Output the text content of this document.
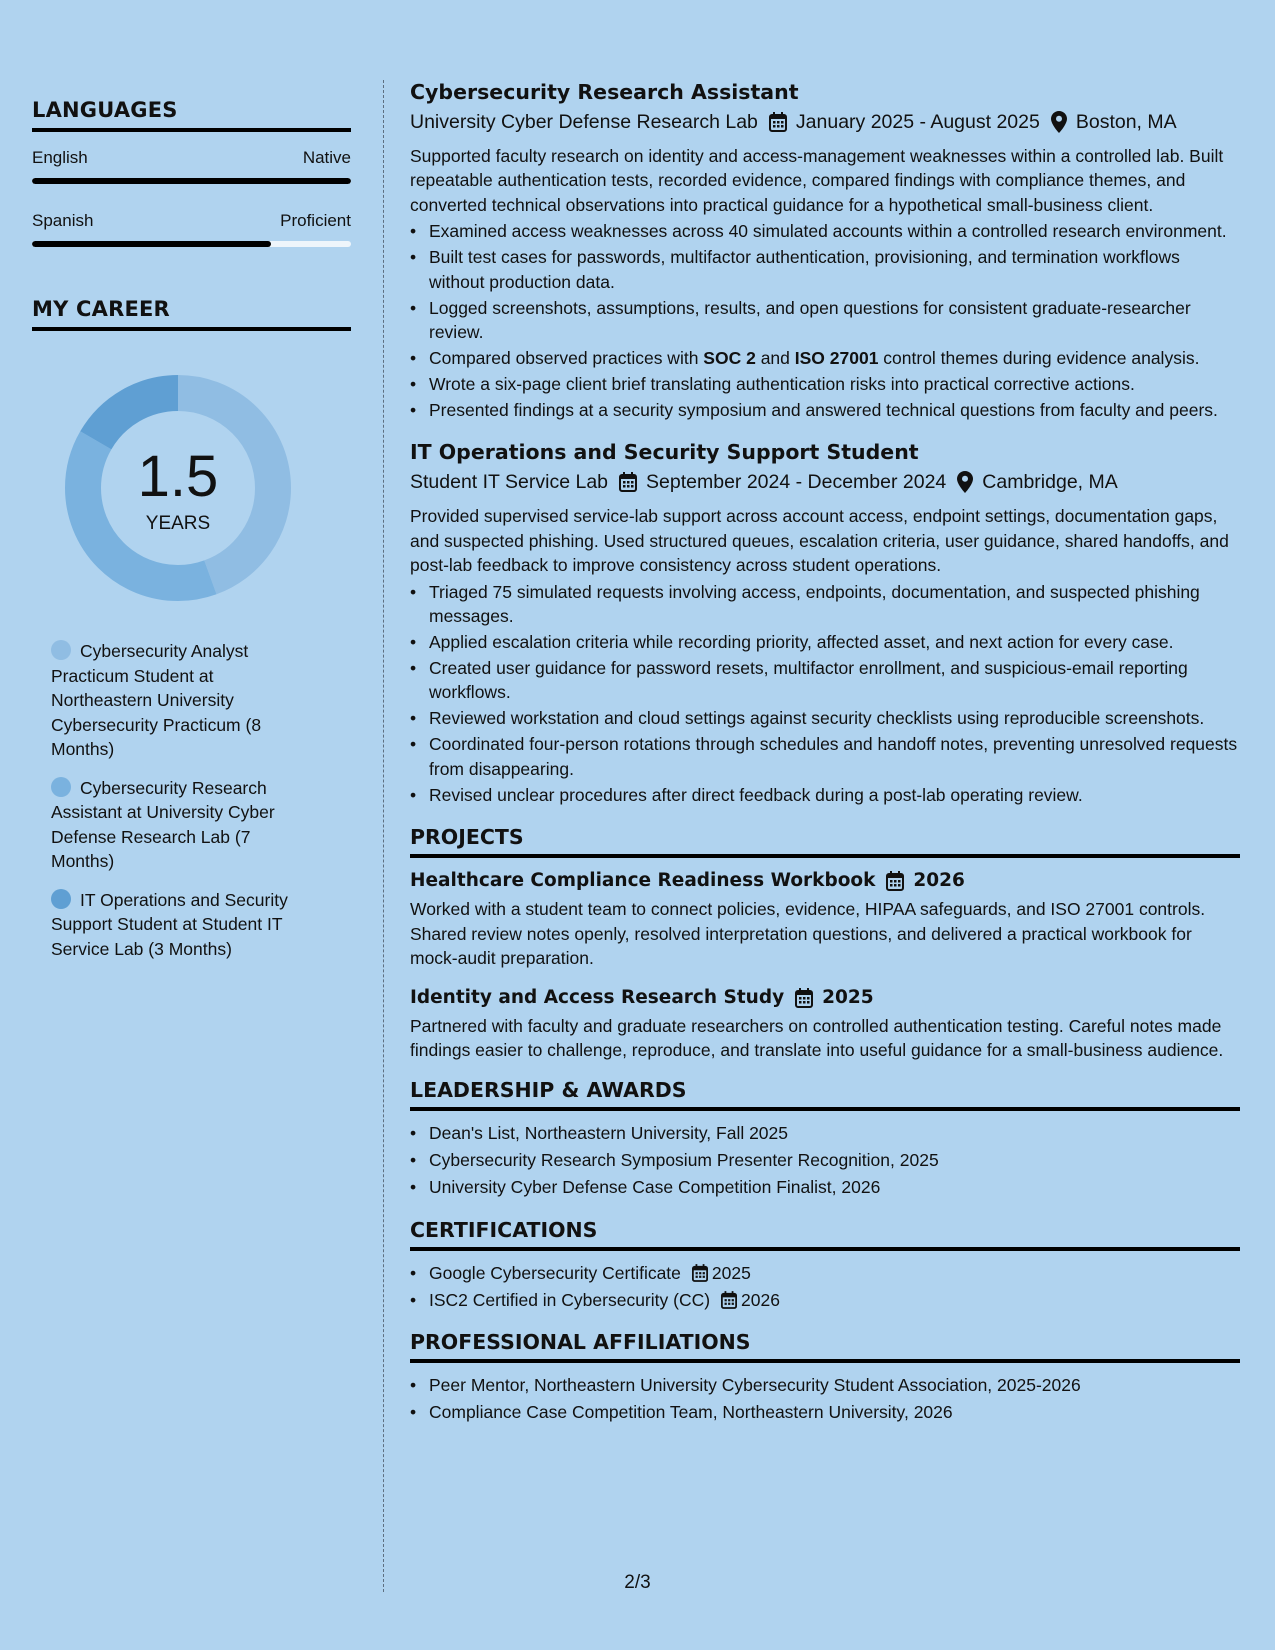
LANGUAGES
English	Native
Spanish	Proficient
MY CAREER
1.5
YEARS
Cybersecurity Analyst Practicum Student at Northeastern University Cybersecurity Practicum (8 Months)
Cybersecurity Research Assistant at University Cyber Defense Research Lab (7 Months)
IT Operations and Security Support Student at Student IT Service Lab (3 Months)
Cybersecurity Research Assistant
University Cyber Defense Research Lab January 2025 - August 2025 Boston, MA

Supported faculty research on identity and access-management weaknesses within a controlled lab. Built repeatable authentication tests, recorded evidence, compared findings with compliance themes, and converted technical observations into practical guidance for a hypothetical small-business client.

• Examined access weaknesses across 40 simulated accounts within a controlled research environment.
• Built test cases for passwords, multifactor authentication, provisioning, and termination workflows without production data.
• Logged screenshots, assumptions, results, and open questions for consistent graduate-researcher review.
• Compared observed practices with SOC 2 and ISO 27001 control themes during evidence analysis.
• Wrote a six-page client brief translating authentication risks into practical corrective actions.
• Presented findings at a security symposium and answered technical questions from faculty and peers.
IT Operations and Security Support Student
Student IT Service Lab September 2024 - December 2024 Cambridge, MA

Provided supervised service-lab support across account access, endpoint settings, documentation gaps, and suspected phishing. Used structured queues, escalation criteria, user guidance, shared handoffs, and post-lab feedback to improve consistency across student operations.

• Triaged 75 simulated requests involving access, endpoints, documentation, and suspected phishing messages.
• Applied escalation criteria while recording priority, affected asset, and next action for every case.
• Created user guidance for password resets, multifactor enrollment, and suspicious-email reporting workflows.
• Reviewed workstation and cloud settings against security checklists using reproducible screenshots.
• Coordinated four-person rotations through schedules and handoff notes, preventing unresolved requests from disappearing.
• Revised unclear procedures after direct feedback during a post-lab operating review.
PROJECTS
Healthcare Compliance Readiness Workbook 2026

Worked with a student team to connect policies, evidence, HIPAA safeguards, and ISO 27001 controls. Shared review notes openly, resolved interpretation questions, and delivered a practical workbook for mock-audit preparation.

Identity and Access Research Study 2025

Partnered with faculty and graduate researchers on controlled authentication testing. Careful notes made findings easier to challenge, reproduce, and translate into useful guidance for a small-business audience.

LEADERSHIP & AWARDS
• Dean's List, Northeastern University, Fall 2025
• Cybersecurity Research Symposium Presenter Recognition, 2025
• University Cyber Defense Case Competition Finalist, 2026
CERTIFICATIONS
• Google Cybersecurity Certificate 2025
• ISC2 Certified in Cybersecurity (CC) 2026
PROFESSIONAL AFFILIATIONS
• Peer Mentor, Northeastern University Cybersecurity Student Association, 2025-2026
• Compliance Case Competition Team, Northeastern University, 2026
2/3
